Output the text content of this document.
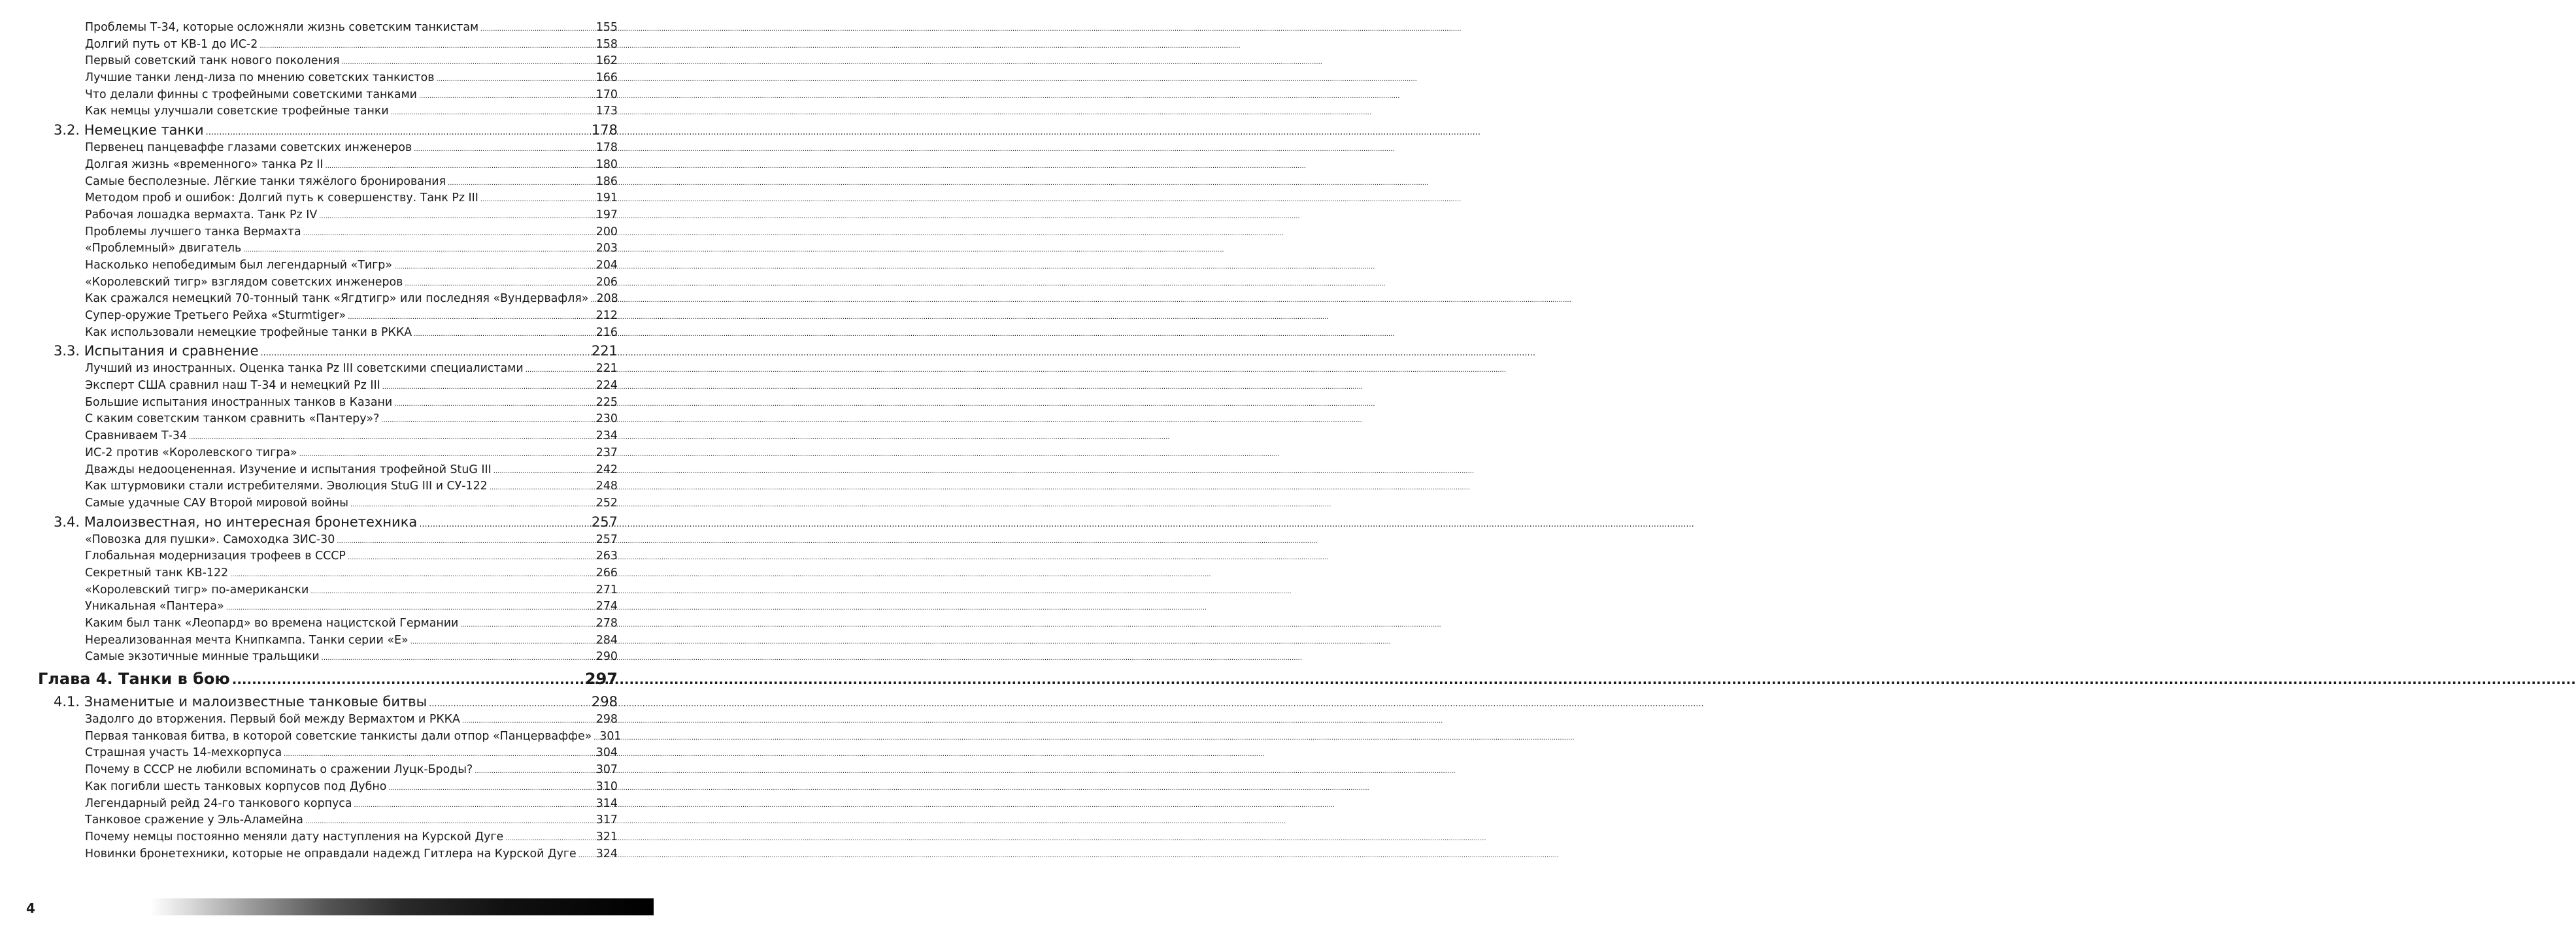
Проблемы Т-34, которые осложняли жизнь советским танкистам .....	155
Долгий путь от КВ-1 до ИС-2 .....	158
Первый советский танк нового поколения .....	162
Лучшие танки ленд-лиза по мнению советских танкистов .....	166
Что делали финны с трофейными советскими танками .....	170
Как немцы улучшали советские трофейные танки .....	173
3.2. Немецкие танки .....	178
Первенец панцеваффе глазами советских инженеров .....	178
Долгая жизнь «временного» танка Pz II .....	180
Самые бесполезные. Лёгкие танки тяжёлого бронирования .....	186
Методом проб и ошибок: Долгий путь к совершенству. Танк Pz III .....	191
Рабочая лошадка вермахта. Танк Pz IV .....	197
Проблемы лучшего танка Вермахта .....	200
«Проблемный» двигатель .....	203
Насколько непобедимым был легендарный «Тигр» .....	204
«Королевский тигр» взглядом советских инженеров .....	206
Как сражался немецкий 70-тонный танк «Ягдтигр» или последняя «Вундервафля» ..... 208
Супер-оружие Третьего Рейха «Sturmtiger» .....	212
Как использовали немецкие трофейные танки в РККА .....	216
3.3. Испытания и сравнение .....	221
Лучший из иностранных. Оценка танка Pz III советскими специалистами .....	221
Эксперт США сравнил наш Т-34 и немецкий Pz III .....	224
Большие испытания иностранных танков в Казани .....	225
С каким советским танком сравнить «Пантеру»? .....	230
Сравниваем Т-34 .....	234
ИС-2 против «Королевского тигра» .....	237
Дважды недооцененная. Изучение и испытания трофейной StuG III .....	242
Как штурмовики стали истребителями. Эволюция StuG III и СУ-122 .....	248
Самые удачные САУ Второй мировой войны .....	252
3.4. Малоизвестная, но интересная бронетехника .....	257
«Повозка для пушки». Самоходка ЗИС-30 .....	257
Глобальная модернизация трофеев в СССР .....	263
Секретный танк КВ-122 .....	266
«Королевский тигр» по-американски .....	271
Уникальная «Пантера» .....	274
Каким был танк «Леопард» во времена нацистской Германии .....	278
Нереализованная мечта Книпкампа. Танки серии «Е» .....	284
Самые экзотичные минные тральщики .....	290
Глава 4. Танки в бою .....	297
4.1. Знаменитые и малоизвестные танковые битвы .....	298
Задолго до вторжения. Первый бой между Вермахтом и РККА .....	298
Первая танковая битва, в которой советские танкисты дали отпор «Панцерваффе» ..... 301
Страшная участь 14-мехкорпуса .....	304
Почему в СССР не любили вспоминать о сражении Луцк-Броды? .....	307
Как погибли шесть танковых корпусов под Дубно .....	310
Легендарный рейд 24-го танкового корпуса .....	314
Танковое сражение у Эль-Аламейна .....	317
Почему немцы постоянно меняли дату наступления на Курской Дуге .....	321
Новинки бронетехники, которые не оправдали надежд Гитлера на Курской Дуге ..... 324
4
